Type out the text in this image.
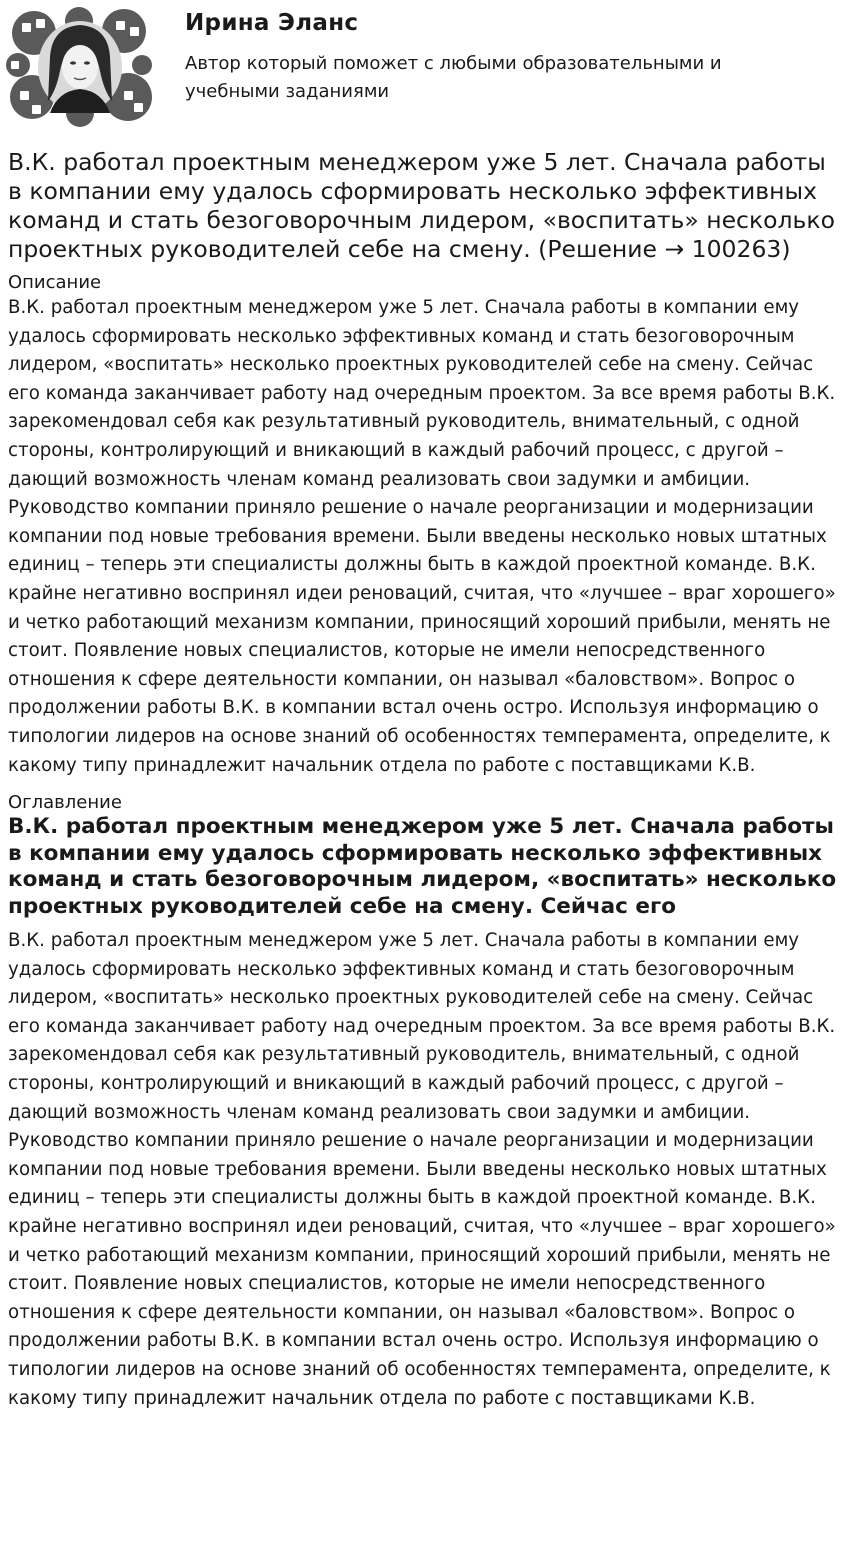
Ирина Эланс

Автор который поможет с любыми образовательными и учебными заданиями

В.К. работал проектным менеджером уже 5 лет. Сначала работы в компании ему удалось сформировать несколько эффективных команд и стать безоговорочным лидером, «воспитать» несколько проектных руководителей себе на смену. (Решение → 100263)
Описание

В.К. работал проектным менеджером уже 5 лет. Сначала работы в компании ему удалось сформировать несколько эффективных команд и стать безоговорочным лидером, «воспитать» несколько проектных руководителей себе на смену. Сейчас его команда заканчивает работу над очередным проектом. За все время работы В.К. зарекомендовал себя как результативный руководитель, внимательный, с одной стороны, контролирующий и вникающий в каждый рабочий процесс, с другой – дающий возможность членам команд реализовать свои задумки и амбиции. Руководство компании приняло решение о начале реорганизации и модернизации компании под новые требования времени. Были введены несколько новых штатных единиц – теперь эти специалисты должны быть в каждой проектной команде. В.К. крайне негативно воспринял идеи реноваций, считая, что «лучшее – враг хорошего» и четко работающий механизм компании, приносящий хороший прибыли, менять не стоит. Появление новых специалистов, которые не имели непосредственного отношения к сфере деятельности компании, он называл «баловством». Вопрос о продолжении работы В.К. в компании встал очень остро. Используя информацию о типологии лидеров на основе знаний об особенностях темперамента, определите, к какому типу принадлежит начальник отдела по работе с поставщиками К.В.

Оглавление
В.К. работал проектным менеджером уже 5 лет. Сначала работы в компании ему удалось сформировать несколько эффективных команд и стать безоговорочным лидером, «воспитать» несколько проектных руководителей себе на смену. Сейчас его

В.К. работал проектным менеджером уже 5 лет. Сначала работы в компании ему удалось сформировать несколько эффективных команд и стать безоговорочным лидером, «воспитать» несколько проектных руководителей себе на смену. Сейчас его команда заканчивает работу над очередным проектом. За все время работы В.К. зарекомендовал себя как результативный руководитель, внимательный, с одной стороны, контролирующий и вникающий в каждый рабочий процесс, с другой – дающий возможность членам команд реализовать свои задумки и амбиции. Руководство компании приняло решение о начале реорганизации и модернизации компании под новые требования времени. Были введены несколько новых штатных единиц – теперь эти специалисты должны быть в каждой проектной команде. В.К. крайне негативно воспринял идеи реноваций, считая, что «лучшее – враг хорошего» и четко работающий механизм компании, приносящий хороший прибыли, менять не стоит. Появление новых специалистов, которые не имели непосредственного отношения к сфере деятельности компании, он называл «баловством». Вопрос о продолжении работы В.К. в компании встал очень остро. Используя информацию о типологии лидеров на основе знаний об особенностях темперамента, определите, к какому типу принадлежит начальник отдела по работе с поставщиками К.В.
